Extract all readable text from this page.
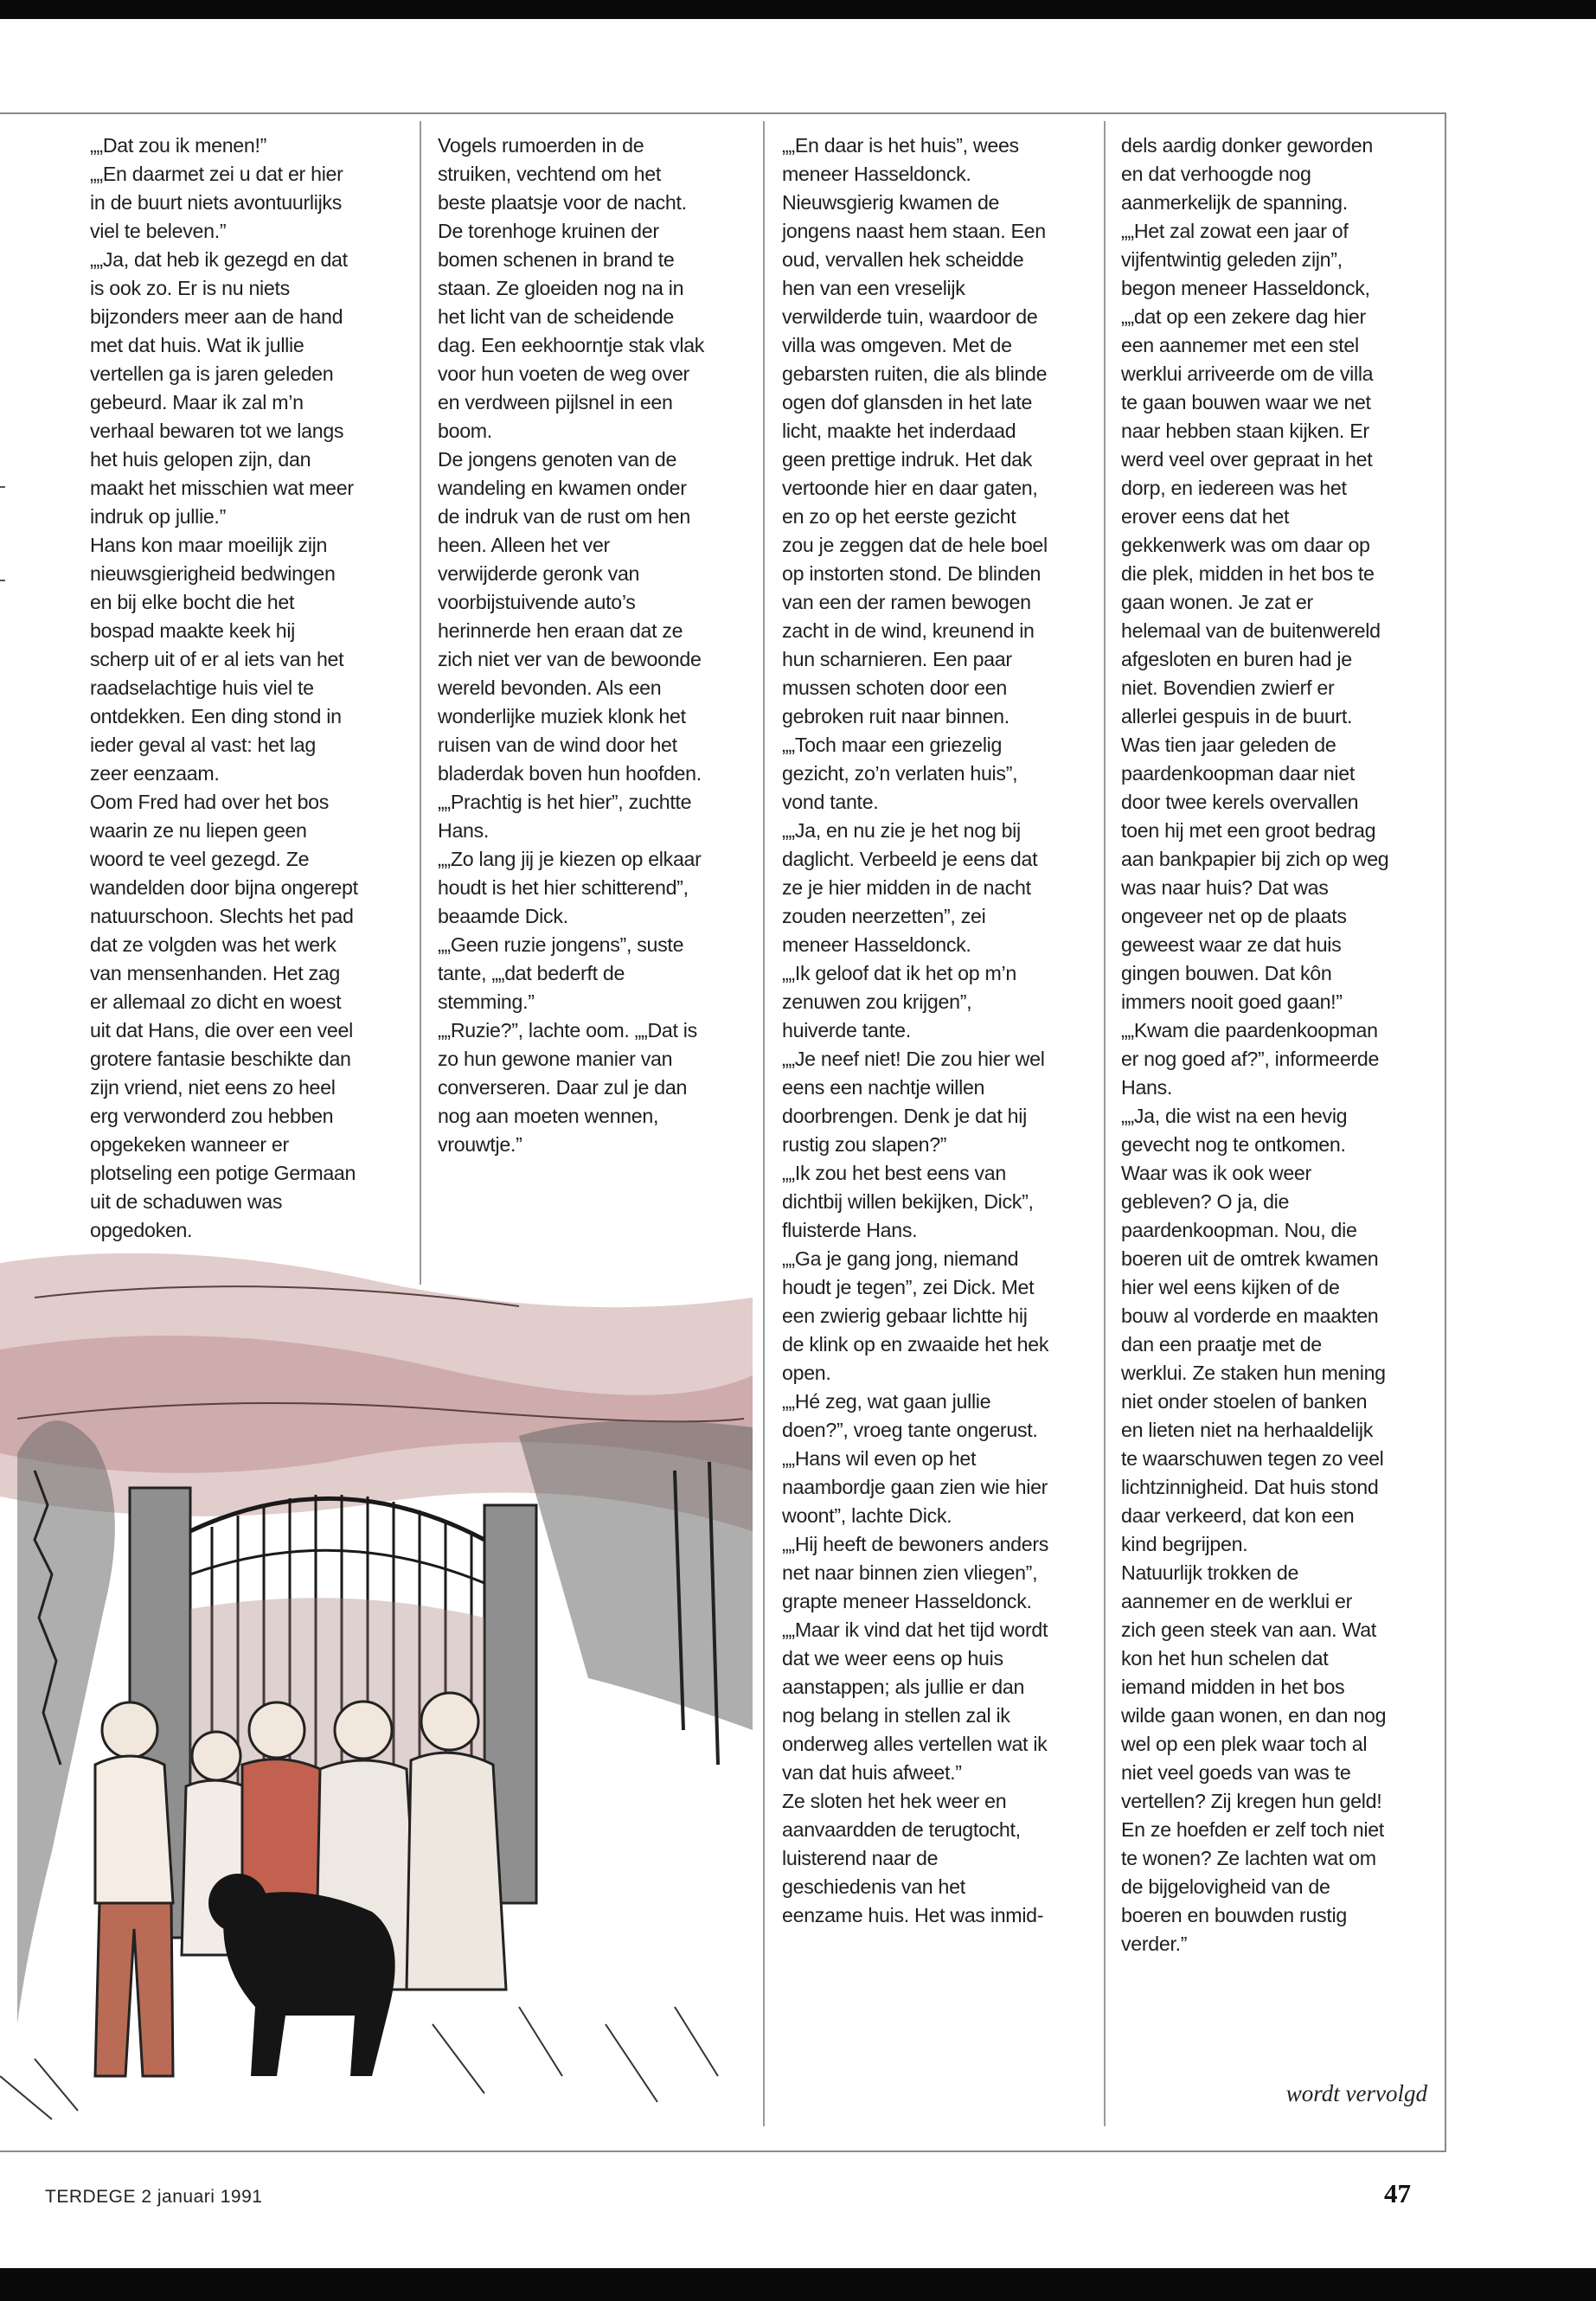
„„Dat zou ik menen!”

„„En daarmet zei u dat er hier in de buurt niets avontuurlijks viel te beleven.”

„„Ja, dat heb ik gezegd en dat is ook zo. Er is nu niets bijzonders meer aan de hand met dat huis. Wat ik jullie vertellen ga is jaren geleden gebeurd. Maar ik zal m’n verhaal bewaren tot we langs het huis gelopen zijn, dan maakt het misschien wat meer indruk op jullie.”

Hans kon maar moeilijk zijn nieuwsgierigheid bedwingen en bij elke bocht die het bospad maakte keek hij scherp uit of er al iets van het raadselachtige huis viel te ontdekken. Een ding stond in ieder geval al vast: het lag zeer eenzaam.

Oom Fred had over het bos waarin ze nu liepen geen woord te veel gezegd. Ze wandelden door bijna ongerept natuurschoon. Slechts het pad dat ze volgden was het werk van mensenhanden. Het zag er allemaal zo dicht en woest uit dat Hans, die over een veel grotere fantasie beschikte dan zijn vriend, niet eens zo heel erg verwonderd zou hebben opgekeken wanneer er plotseling een potige Germaan uit de schaduwen was opgedoken.

Vogels rumoerden in de struiken, vechtend om het beste plaatsje voor de nacht.

De torenhoge kruinen der bomen schenen in brand te staan. Ze gloeiden nog na in het licht van de scheidende dag. Een eekhoorntje stak vlak voor hun voeten de weg over en verdween pijlsnel in een boom.

De jongens genoten van de wandeling en kwamen onder de indruk van de rust om hen heen. Alleen het ver verwijderde geronk van voorbijstuivende auto’s herinnerde hen eraan dat ze zich niet ver van de bewoonde wereld bevonden. Als een wonderlijke muziek klonk het ruisen van de wind door het bladerdak boven hun hoofden.

„„Prachtig is het hier”, zuchtte Hans.

„„Zo lang jij je kiezen op elkaar houdt is het hier schitterend”, beaamde Dick.

„„Geen ruzie jongens”, suste tante, „„dat bederft de stemming.”

„„Ruzie?”, lachte oom. „„Dat is zo hun gewone manier van converseren. Daar zul je dan nog aan moeten wennen, vrouwtje.”

„„En daar is het huis”, wees meneer Hasseldonck. Nieuwsgierig kwamen de jongens naast hem staan. Een oud, vervallen hek scheidde hen van een vreselijk verwilderde tuin, waardoor de villa was omgeven. Met de gebarsten ruiten, die als blinde ogen dof glansden in het late licht, maakte het inderdaad geen prettige indruk. Het dak vertoonde hier en daar gaten, en zo op het eerste gezicht zou je zeggen dat de hele boel op instorten stond. De blinden van een der ramen bewogen zacht in de wind, kreunend in hun scharnieren. Een paar mussen schoten door een gebroken ruit naar binnen.

„„Toch maar een griezelig gezicht, zo’n verlaten huis”, vond tante.

„„Ja, en nu zie je het nog bij daglicht. Verbeeld je eens dat ze je hier midden in de nacht zouden neerzetten”, zei meneer Hasseldonck.

„„Ik geloof dat ik het op m’n zenuwen zou krijgen”, huiverde tante.

„„Je neef niet! Die zou hier wel eens een nachtje willen doorbrengen. Denk je dat hij rustig zou slapen?”

„„Ik zou het best eens van dichtbij willen bekijken, Dick”, fluisterde Hans.

„„Ga je gang jong, niemand houdt je tegen”, zei Dick. Met een zwierig gebaar lichtte hij de klink op en zwaaide het hek open.

„„Hé zeg, wat gaan jullie doen?”, vroeg tante ongerust.

„„Hans wil even op het naambordje gaan zien wie hier woont”, lachte Dick.

„„Hij heeft de bewoners anders net naar binnen zien vliegen”, grapte meneer Hasseldonck. „„Maar ik vind dat het tijd wordt dat we weer eens op huis aanstappen; als jullie er dan nog belang in stellen zal ik onderweg alles vertellen wat ik van dat huis afweet.”

Ze sloten het hek weer en aanvaardden de terugtocht, luisterend naar de geschiedenis van het eenzame huis. Het was inmid-

dels aardig donker geworden en dat verhoogde nog aanmerkelijk de spanning.

„„Het zal zowat een jaar of vijfentwintig geleden zijn”, begon meneer Hasseldonck, „„dat op een zekere dag hier een aannemer met een stel werklui arriveerde om de villa te gaan bouwen waar we net naar hebben staan kijken. Er werd veel over gepraat in het dorp, en iedereen was het erover eens dat het gekkenwerk was om daar op die plek, midden in het bos te gaan wonen. Je zat er helemaal van de buitenwereld afgesloten en buren had je niet. Bovendien zwierf er allerlei gespuis in de buurt. Was tien jaar geleden de paardenkoopman daar niet door twee kerels overvallen toen hij met een groot bedrag aan bankpapier bij zich op weg was naar huis? Dat was ongeveer net op de plaats geweest waar ze dat huis gingen bouwen. Dat kôn immers nooit goed gaan!”

„„Kwam die paardenkoopman er nog goed af?”, informeerde Hans.

„„Ja, die wist na een hevig gevecht nog te ontkomen. Waar was ik ook weer gebleven? O ja, die paardenkoopman. Nou, die boeren uit de omtrek kwamen hier wel eens kijken of de bouw al vorderde en maakten dan een praatje met de werklui. Ze staken hun mening niet onder stoelen of banken en lieten niet na herhaaldelijk te waarschuwen tegen zo veel lichtzinnigheid. Dat huis stond daar verkeerd, dat kon een kind begrijpen.

Natuurlijk trokken de aannemer en de werklui er zich geen steek van aan. Wat kon het hun schelen dat iemand midden in het bos wilde gaan wonen, en dan nog wel op een plek waar toch al niet veel goeds van was te vertellen? Zij kregen hun geld! En ze hoefden er zelf toch niet te wonen? Ze lachten wat om de bijgelovigheid van de boeren en bouwden rustig verder.”

wordt vervolgd
TERDEGE 2 januari 1991	47
